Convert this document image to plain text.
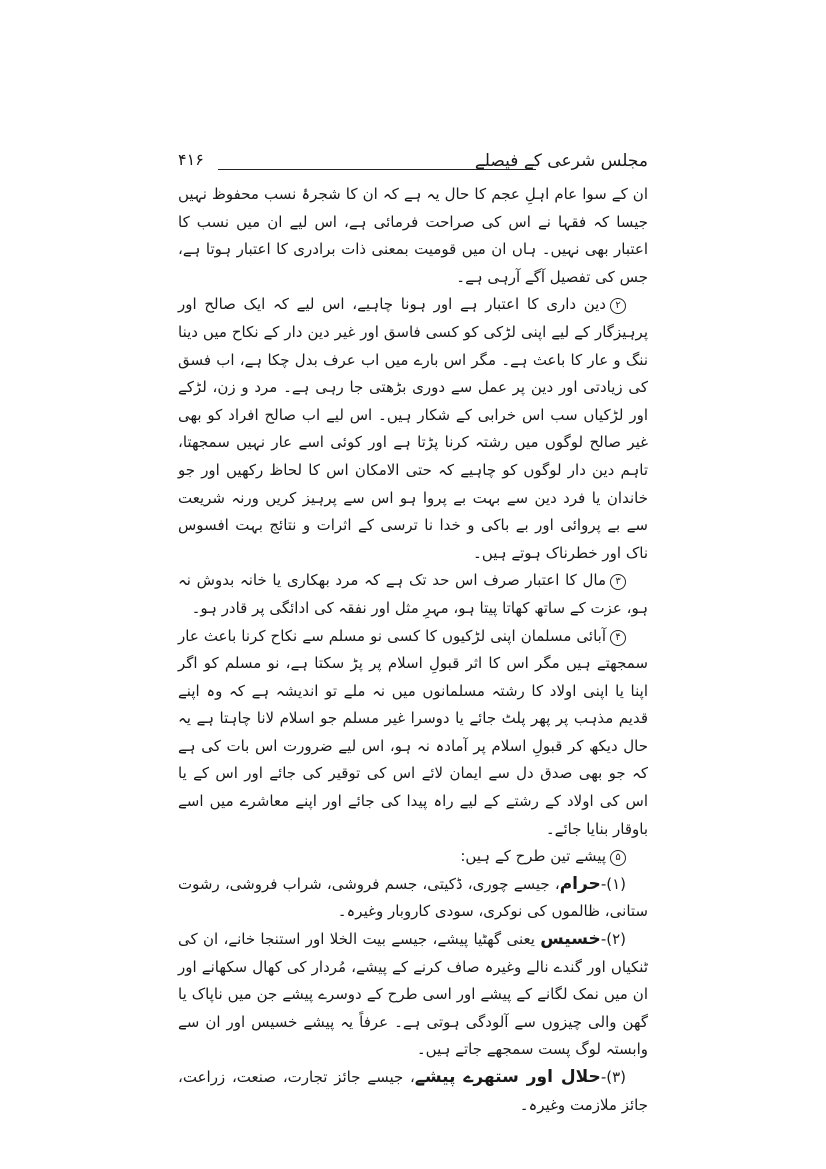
مجلس شرعی کے فیصلے
۴۱۶

ان کے سوا عام اہلِ عجم کا حال یہ ہے کہ ان کا شجرۂ نسب محفوظ نہیں جیسا کہ فقہا نے اس کی صراحت فرمائی ہے، اس لیے ان میں نسب کا اعتبار بھی نہیں۔ ہاں ان میں قومیت بمعنی ذات برادری کا اعتبار ہوتا ہے، جس کی تفصیل آگے آرہی ہے۔

۲دین داری کا اعتبار ہے اور ہونا چاہیے، اس لیے کہ ایک صالح اور پرہیزگار کے لیے اپنی لڑکی کو کسی فاسق اور غیر دین دار کے نکاح میں دینا ننگ و عار کا باعث ہے۔ مگر اس بارے میں اب عرف بدل چکا ہے، اب فسق کی زیادتی اور دین پر عمل سے دوری بڑھتی جا رہی ہے۔ مرد و زن، لڑکے اور لڑکیاں سب اس خرابی کے شکار ہیں۔ اس لیے اب صالح افراد کو بھی غیر صالح لوگوں میں رشتہ کرنا پڑتا ہے اور کوئی اسے عار نہیں سمجھتا، تاہم دین دار لوگوں کو چاہیے کہ حتی الامکان اس کا لحاظ رکھیں اور جو خاندان یا فرد دین سے بہت بے پروا ہو اس سے پرہیز کریں ورنہ شریعت سے بے پروائی اور بے باکی و خدا نا ترسی کے اثرات و نتائج بہت افسوس ناک اور خطرناک ہوتے ہیں۔

۳مال کا اعتبار صرف اس حد تک ہے کہ مرد بھکاری یا خانہ بدوش نہ ہو، عزت کے ساتھ کھاتا پیتا ہو، مہرِ مثل اور نفقہ کی ادائگی پر قادر ہو۔

۴آبائی مسلمان اپنی لڑکیوں کا کسی نو مسلم سے نکاح کرنا باعث عار سمجھتے ہیں مگر اس کا اثر قبولِ اسلام پر پڑ سکتا ہے، نو مسلم کو اگر اپنا یا اپنی اولاد کا رشتہ مسلمانوں میں نہ ملے تو اندیشہ ہے کہ وہ اپنے قدیم مذہب پر پھر پلٹ جائے یا دوسرا غیر مسلم جو اسلام لانا چاہتا ہے یہ حال دیکھ کر قبولِ اسلام پر آمادہ نہ ہو، اس لیے ضرورت اس بات کی ہے کہ جو بھی صدق دل سے ایمان لائے اس کی توقیر کی جائے اور اس کے یا اس کی اولاد کے رشتے کے لیے راہ پیدا کی جائے اور اپنے معاشرے میں اسے باوقار بنایا جائے۔

۵پیشے تین طرح کے ہیں:

(۱)-حرام، جیسے چوری، ڈکیتی، جسم فروشی، شراب فروشی، رشوت ستانی، ظالموں کی نوکری، سودی کاروبار وغیرہ۔

(۲)-خسیس یعنی گھٹیا پیشے، جیسے بیت الخلا اور استنجا خانے، ان کی ٹنکیاں اور گندے نالے وغیرہ صاف کرنے کے پیشے، مُردار کی کھال سکھانے اور ان میں نمک لگانے کے پیشے اور اسی طرح کے دوسرے پیشے جن میں ناپاک یا گھن والی چیزوں سے آلودگی ہوتی ہے۔ عرفاً یہ پیشے خسیس اور ان سے وابستہ لوگ پست سمجھے جاتے ہیں۔

(۳)-حلال اور ستھرے پیشے، جیسے جائز تجارت، صنعت، زراعت، جائز ملازمت وغیرہ۔
